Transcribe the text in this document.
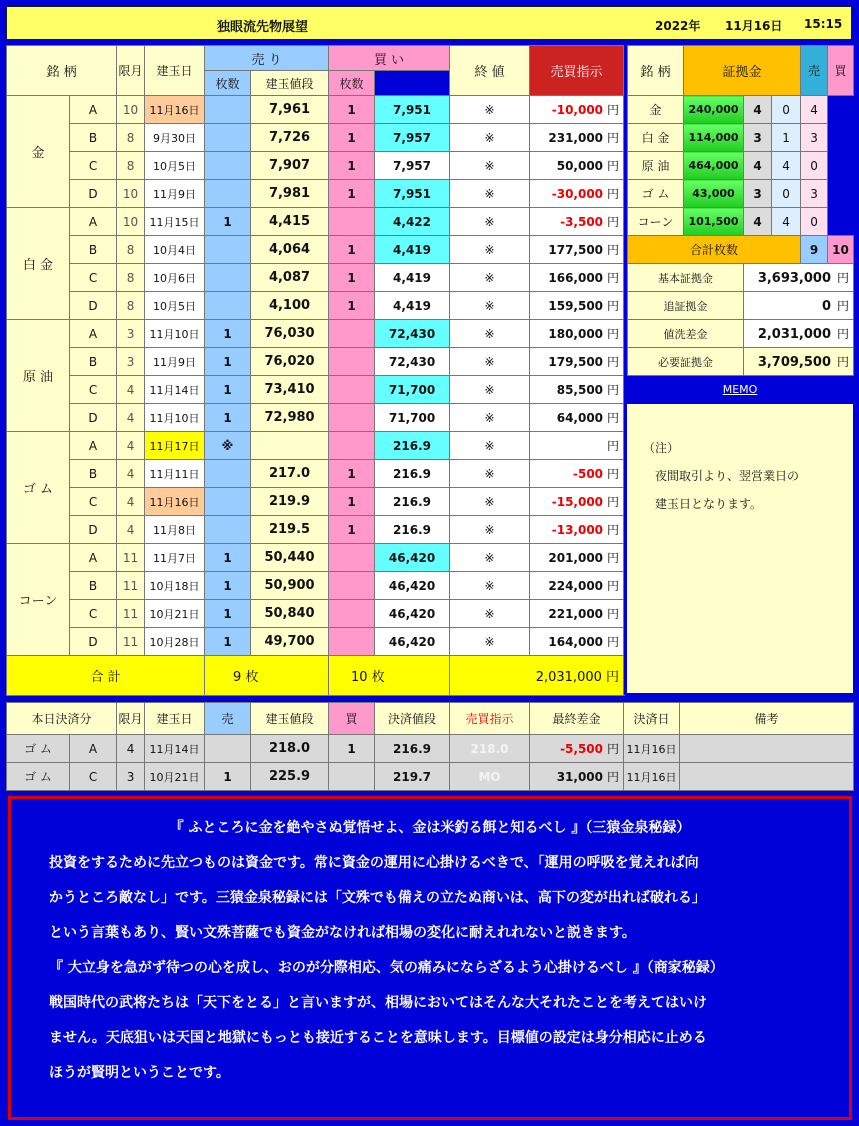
独眼流先物展望	2022年 11月16日 15:15
銘 柄		限月	建玉日	売 り		買 い		終 値	売買指示	
				枚数	建玉値段	枚数				
金	A	10	11月16日		7,961	1	7,951	※	-10,000 円	
	B	8	9月30日		7,726	1	7,957	※	231,000 円	
	C	8	10月5日		7,907	1	7,957	※	50,000 円	
	D	10	11月9日		7,981	1	7,951	※	-30,000 円	
白 金	A	10	11月15日	1	4,415		4,422	※	-3,500 円	
	B	8	10月4日		4,064	1	4,419	※	177,500 円	
	C	8	10月6日		4,087	1	4,419	※	166,000 円	
	D	8	10月5日		4,100	1	4,419	※	159,500 円	
原 油	A	3	11月10日	1	76,030		72,430	※	180,000 円	
	B	3	11月9日	1	76,020		72,430	※	179,500 円	
	C	4	11月14日	1	73,410		71,700	※	85,500 円	
	D	4	11月10日	1	72,980		71,700	※	64,000 円	
ゴ ム	A	4	11月17日	※			216.9	※	円	
	B	4	11月11日		217.0	1	216.9	※	-500 円	
	C	4	11月16日		219.9	1	216.9	※	-15,000 円	
	D	4	11月8日		219.5	1	216.9	※	-13,000 円	
コーン	A	11	11月7日	1	50,440		46,420	※	201,000 円	
	B	11	10月18日	1	50,900		46,420	※	224,000 円	
	C	11	10月21日	1	50,840		46,420	※	221,000 円	
	D	11	10月28日	1	49,700		46,420	※	164,000 円	
合 計				9 枚		10 枚		2,031,000 円		
銘 柄	証拠金			売	買
金	240,000	4	0	4	
白 金	114,000	3	1	3	
原 油	464,000	4	4	0	
ゴ ム	43,000	3	0	3	
コーン	101,500	4	4	0	
合計枚数				9	10
基本証拠金		3,693,000 円			
追証拠金		0 円			
値洗差金		2,031,000 円			
必要証拠金		3,709,500 円			
MEMO
（注）
　夜間取引より、翌営業日の
　建玉日となります。
本日決済分		限月	建玉日	売	建玉値段	買	決済値段	売買指示	最終差金	決済日	備考
ゴ ム	A	4	11月14日		218.0	1	216.9	218.0	-5,500 円	11月16日	
ゴ ム	C	3	10月21日	1	225.9		219.7	MO	31,000 円	11月16日	

『 ふところに金を絶やさぬ覚悟せよ、金は米釣る餌と知るべし 』（三猿金泉秘録）

投資をするために先立つものは資金です。常に資金の運用に心掛けるべきで、「運用の呼吸を覚えれば向

かうところ敵なし」です。三猿金泉秘録には「文殊でも備えの立たぬ商いは、高下の変が出れば破れる」

という言葉もあり、賢い文殊菩薩でも資金がなければ相場の変化に耐えれれないと説きます。

『 大立身を急がず待つの心を成し、おのが分際相応、気の痛みにならざるよう心掛けるべし 』（商家秘録）

戦国時代の武将たちは「天下をとる」と言いますが、相場においてはそんな大それたことを考えてはいけ

ません。天底狙いは天国と地獄にもっとも接近することを意味します。目標値の設定は身分相応に止める

ほうが賢明ということです。
